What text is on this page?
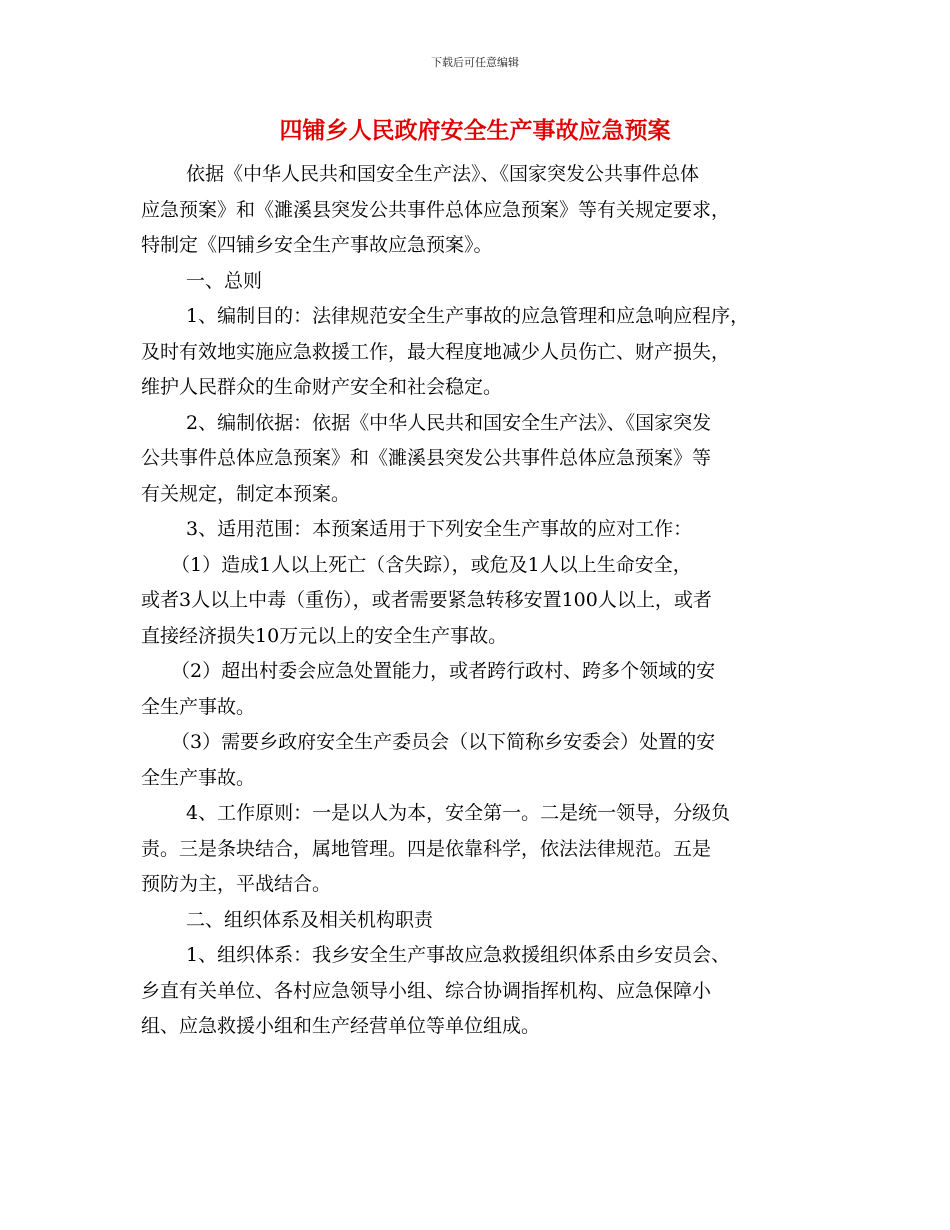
下载后可任意编辑
四铺乡人民政府安全生产事故应急预案
依据《中华人民共和国安全生产法》、《国家突发公共事件总体
应急预案》和《濉溪县突发公共事件总体应急预案》等有关规定要求，
特制定《四铺乡安全生产事故应急预案》。
一、总则
1、编制目的：法律规范安全生产事故的应急管理和应急响应程序，
及时有效地实施应急救援工作，最大程度地减少人员伤亡、财产损失，
维护人民群众的生命财产安全和社会稳定。
2、编制依据：依据《中华人民共和国安全生产法》、《国家突发
公共事件总体应急预案》和《濉溪县突发公共事件总体应急预案》等
有关规定，制定本预案。
3、适用范围：本预案适用于下列安全生产事故的应对工作：
（1）造成1人以上死亡（含失踪），或危及1人以上生命安全，
或者3人以上中毒（重伤），或者需要紧急转移安置100人以上，或者
直接经济损失10万元以上的安全生产事故。
（2）超出村委会应急处置能力，或者跨行政村、跨多个领域的安
全生产事故。
（3）需要乡政府安全生产委员会（以下简称乡安委会）处置的安
全生产事故。
4、工作原则：一是以人为本，安全第一。二是统一领导，分级负
责。三是条块结合，属地管理。四是依靠科学，依法法律规范。五是
预防为主，平战结合。
二、组织体系及相关机构职责
1、组织体系：我乡安全生产事故应急救援组织体系由乡安员会、
乡直有关单位、各村应急领导小组、综合协调指挥机构、应急保障小
组、应急救援小组和生产经营单位等单位组成。
